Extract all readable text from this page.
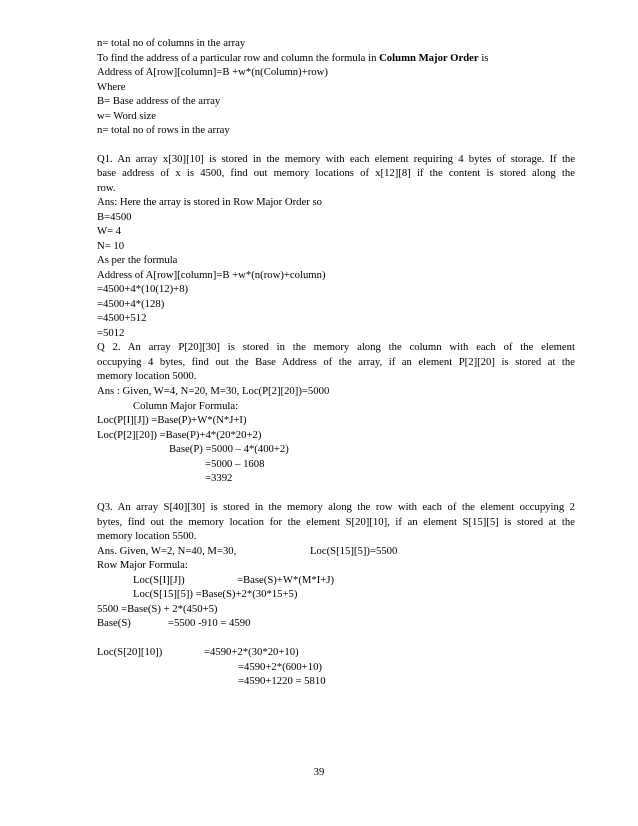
n= total no of columns in the array
To find the address of a particular row and column the formula in Column Major Order is
Address of A[row][column]=B +w*(n(Column)+row)
Where
B= Base address of the array
w= Word size
n= total no of rows in the array
Q1. An array x[30][10] is stored in the memory with each element requiring 4 bytes of storage. If the
base address of x is 4500, find out memory locations of x[12][8] if the content is stored along the
row.
Ans: Here the array is stored in Row Major Order so
B=4500
W= 4
N= 10
As per the formula
Address of A[row][column]=B +w*(n(row)+column)
=4500+4*(10(12)+8)
=4500+4*(128)
=4500+512
=5012
Q 2. An array P[20][30] is stored in the memory along the column with each of the element
occupying 4 bytes, find out the Base Address of the array, if an element P[2][20] is stored at the
memory location 5000.
Ans : Given, W=4, N=20, M=30, Loc(P[2][20])=5000
Column Major Formula:
Loc(P[I][J]) =Base(P)+W*(N*J+I)
Loc(P[2][20]) =Base(P)+4*(20*20+2)
Base(P) =5000 – 4*(400+2)
=5000 – 1608
=3392
Q3. An array S[40][30] is stored in the memory along the row with each of the element occupying 2
bytes, find out the memory location for the element S[20][10], if an element S[15][5] is stored at the
memory location 5500.
Ans. Given, W=2, N=40, M=30,	Loc(S[15][5])=5500
Row Major Formula:
Loc(S[I][J])	=Base(S)+W*(M*I+J)
Loc(S[15][5]) =Base(S)+2*(30*15+5)
5500 =Base(S) + 2*(450+5)
Base(S)	=5500 -910 = 4590
Loc(S[20][10])	=4590+2*(30*20+10)
=4590+2*(600+10)
=4590+1220 = 5810
39
